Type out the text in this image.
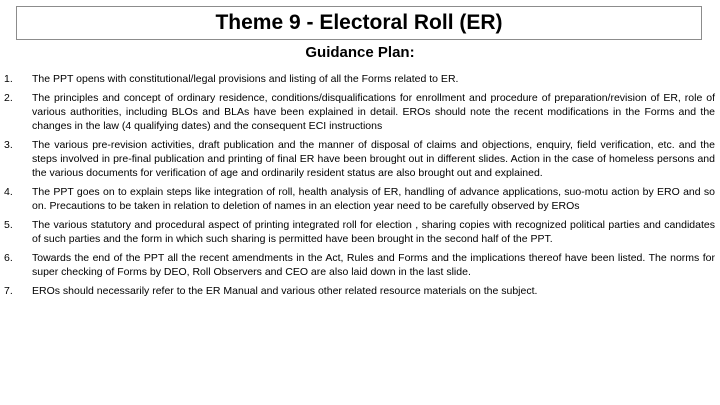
Theme 9 - Electoral Roll (ER)
Guidance Plan:
1.	The PPT opens with constitutional/legal provisions and listing of all the Forms related to ER.
2.	The principles and concept of ordinary residence, conditions/disqualifications for enrollment and procedure of preparation/revision of ER, role of various authorities, including BLOs and BLAs have been explained in detail. EROs should note the recent modifications in the Forms and the changes in the law (4 qualifying dates) and the consequent ECI instructions
3.	The various pre-revision activities, draft publication and the manner of disposal of claims and objections, enquiry, field verification, etc. and the steps involved in pre-final publication and printing of final ER have been brought out in different slides. Action in the case of homeless persons and the various documents for verification of age and ordinarily resident status are also brought out and explained.
4.	The PPT goes on to explain steps like integration of roll, health analysis of ER, handling of advance applications, suo-motu action by ERO and so on. Precautions to be taken in relation to deletion of names in an election year need to be carefully observed by EROs
5.	The various statutory and procedural aspect of printing integrated roll for election , sharing copies with recognized political parties and candidates of such parties and the form in which such sharing is permitted have been brought in the second half of the PPT.
6.	Towards the end of the PPT all the recent amendments in the Act, Rules and Forms and the implications thereof have been listed. The norms for super checking of Forms by DEO, Roll Observers and CEO are also laid down in the last slide.
7.	EROs should necessarily refer to the ER Manual and various other related resource materials on the subject.
